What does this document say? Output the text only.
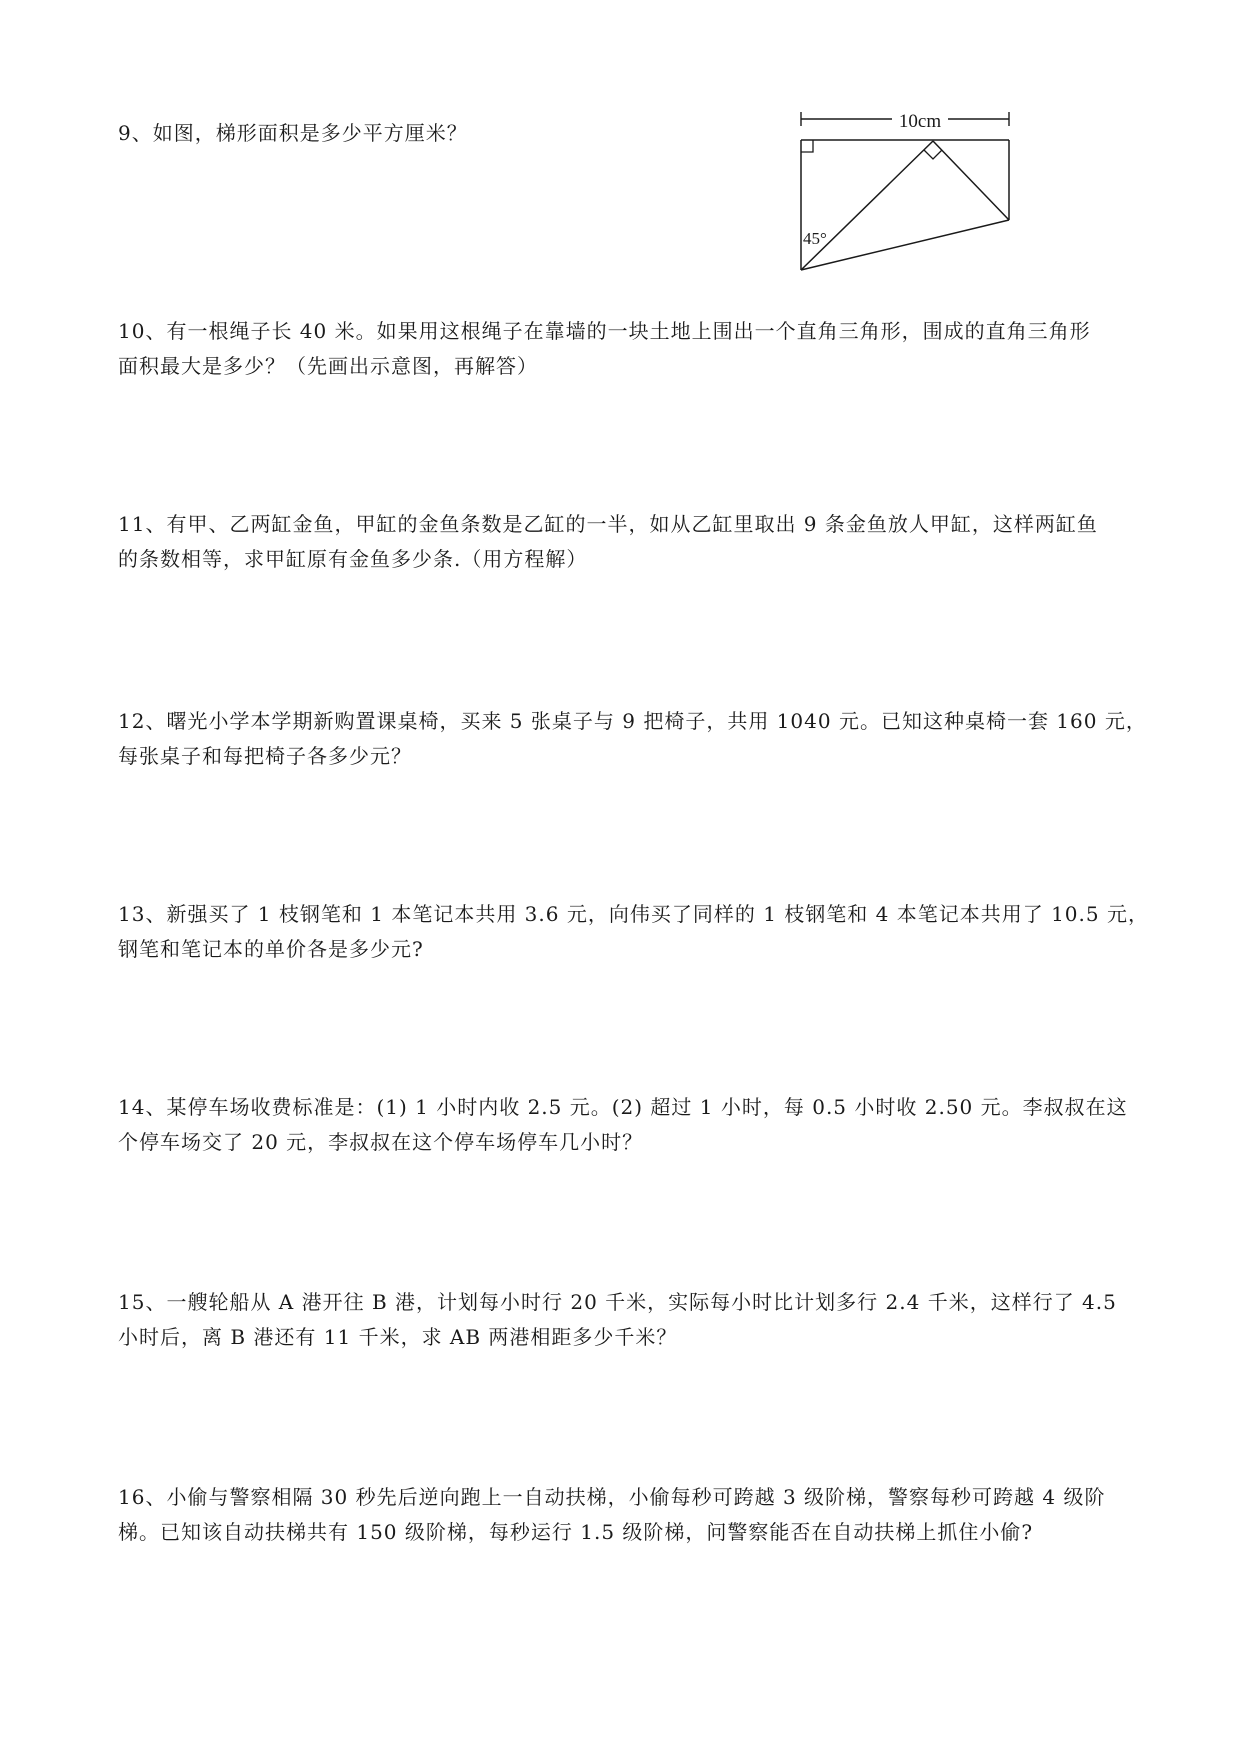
9、如图，梯形面积是多少平方厘米？	10cm
45°

10、有一根绳子长 40 米。如果用这根绳子在靠墙的一块土地上围出一个直角三角形，围成的直角三角形
面积最大是多少？（先画出示意图，再解答）

11、有甲、乙两缸金鱼，甲缸的金鱼条数是乙缸的一半，如从乙缸里取出 9 条金鱼放人甲缸，这样两缸鱼
的条数相等，求甲缸原有金鱼多少条.（用方程解）

12、曙光小学本学期新购置课桌椅，买来 5 张桌子与 9 把椅子，共用 1040 元。已知这种桌椅一套 160 元，
每张桌子和每把椅子各多少元？

13、新强买了 1 枝钢笔和 1 本笔记本共用 3.6 元，向伟买了同样的 1 枝钢笔和 4 本笔记本共用了 10.5 元，
钢笔和笔记本的单价各是多少元?

14、某停车场收费标准是：(1) 1 小时内收 2.5 元。(2) 超过 1 小时，每 0.5 小时收 2.50 元。李叔叔在这
个停车场交了 20 元，李叔叔在这个停车场停车几小时？

15、一艘轮船从 A 港开往 B 港，计划每小时行 20 千米，实际每小时比计划多行 2.4 千米，这样行了 4.5
小时后，离 B 港还有 11 千米，求 AB 两港相距多少千米？

16、小偷与警察相隔 30 秒先后逆向跑上一自动扶梯，小偷每秒可跨越 3 级阶梯，警察每秒可跨越 4 级阶
梯。已知该自动扶梯共有 150 级阶梯，每秒运行 1.5 级阶梯，问警察能否在自动扶梯上抓住小偷?
